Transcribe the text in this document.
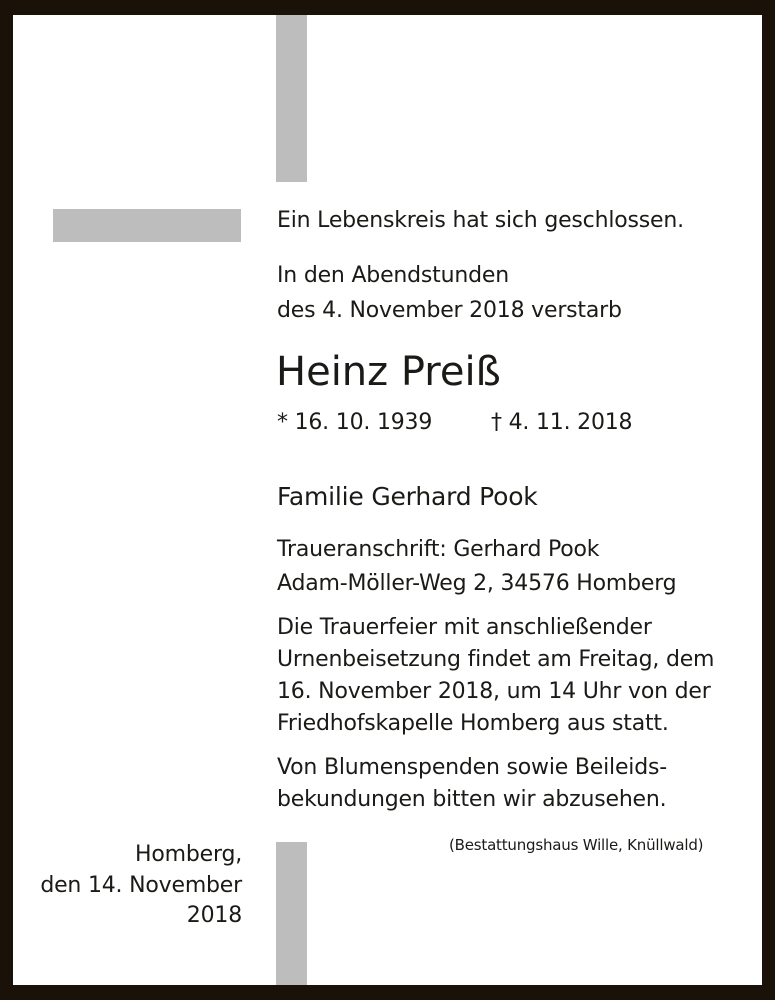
Ein Lebenskreis hat sich geschlossen.
In den Abendstunden
des 4. November 2018 verstarb
Heinz Preiß
* 16. 10. 1939	† 4. 11. 2018
Familie Gerhard Pook
Traueranschrift: Gerhard Pook
Adam-Möller-Weg 2, 34576 Homberg
Die Trauerfeier mit anschließender
Urnenbeisetzung findet am Freitag, dem
16. November 2018, um 14 Uhr von der
Friedhofskapelle Homberg aus statt.
Von Blumenspenden sowie Beileids-
bekundungen bitten wir abzusehen.
(Bestattungshaus Wille, Knüllwald)
Homberg,
den 14. November
2018
